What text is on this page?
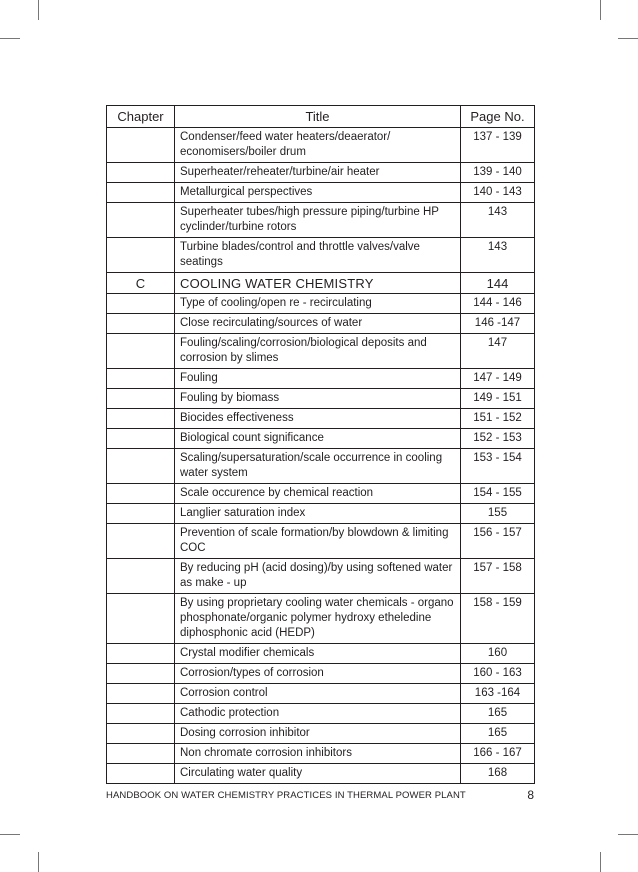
Chapter	Title	Page No.
	Condenser/feed water heaters/deaerator/ economisers/boiler drum	137 - 139
	Superheater/reheater/turbine/air heater	139 - 140
	Metallurgical perspectives	140 - 143
	Superheater tubes/high pressure piping/turbine HP cyclinder/turbine rotors	143
	Turbine blades/control and throttle valves/valve seatings	143
C	COOLING WATER CHEMISTRY	144
	Type of cooling/open re - recirculating	144 - 146
	Close recirculating/sources of water	146 -147
	Fouling/scaling/corrosion/biological deposits and corrosion by slimes	147
	Fouling	147 - 149
	Fouling by biomass	149 - 151
	Biocides effectiveness	151 - 152
	Biological count significance	152 - 153
	Scaling/supersaturation/scale occurrence in cooling water system	153 - 154
	Scale occurence by chemical reaction	154 - 155
	Langlier saturation index	155
	Prevention of scale formation/by blowdown & limiting COC	156 - 157
	By reducing pH (acid dosing)/by using softened water as make - up	157 - 158
	By using proprietary cooling water chemicals - organo phosphonate/organic polymer hydroxy etheledine diphosphonic acid (HEDP)	158 - 159
	Crystal modifier chemicals	160
	Corrosion/types of corrosion	160 - 163
	Corrosion control	163 -164
	Cathodic protection	165
	Dosing corrosion inhibitor	165
	Non chromate corrosion inhibitors	166 - 167
	Circulating water quality	168
HANDBOOK ON WATER CHEMISTRY PRACTICES IN THERMAL POWER PLANT	8
